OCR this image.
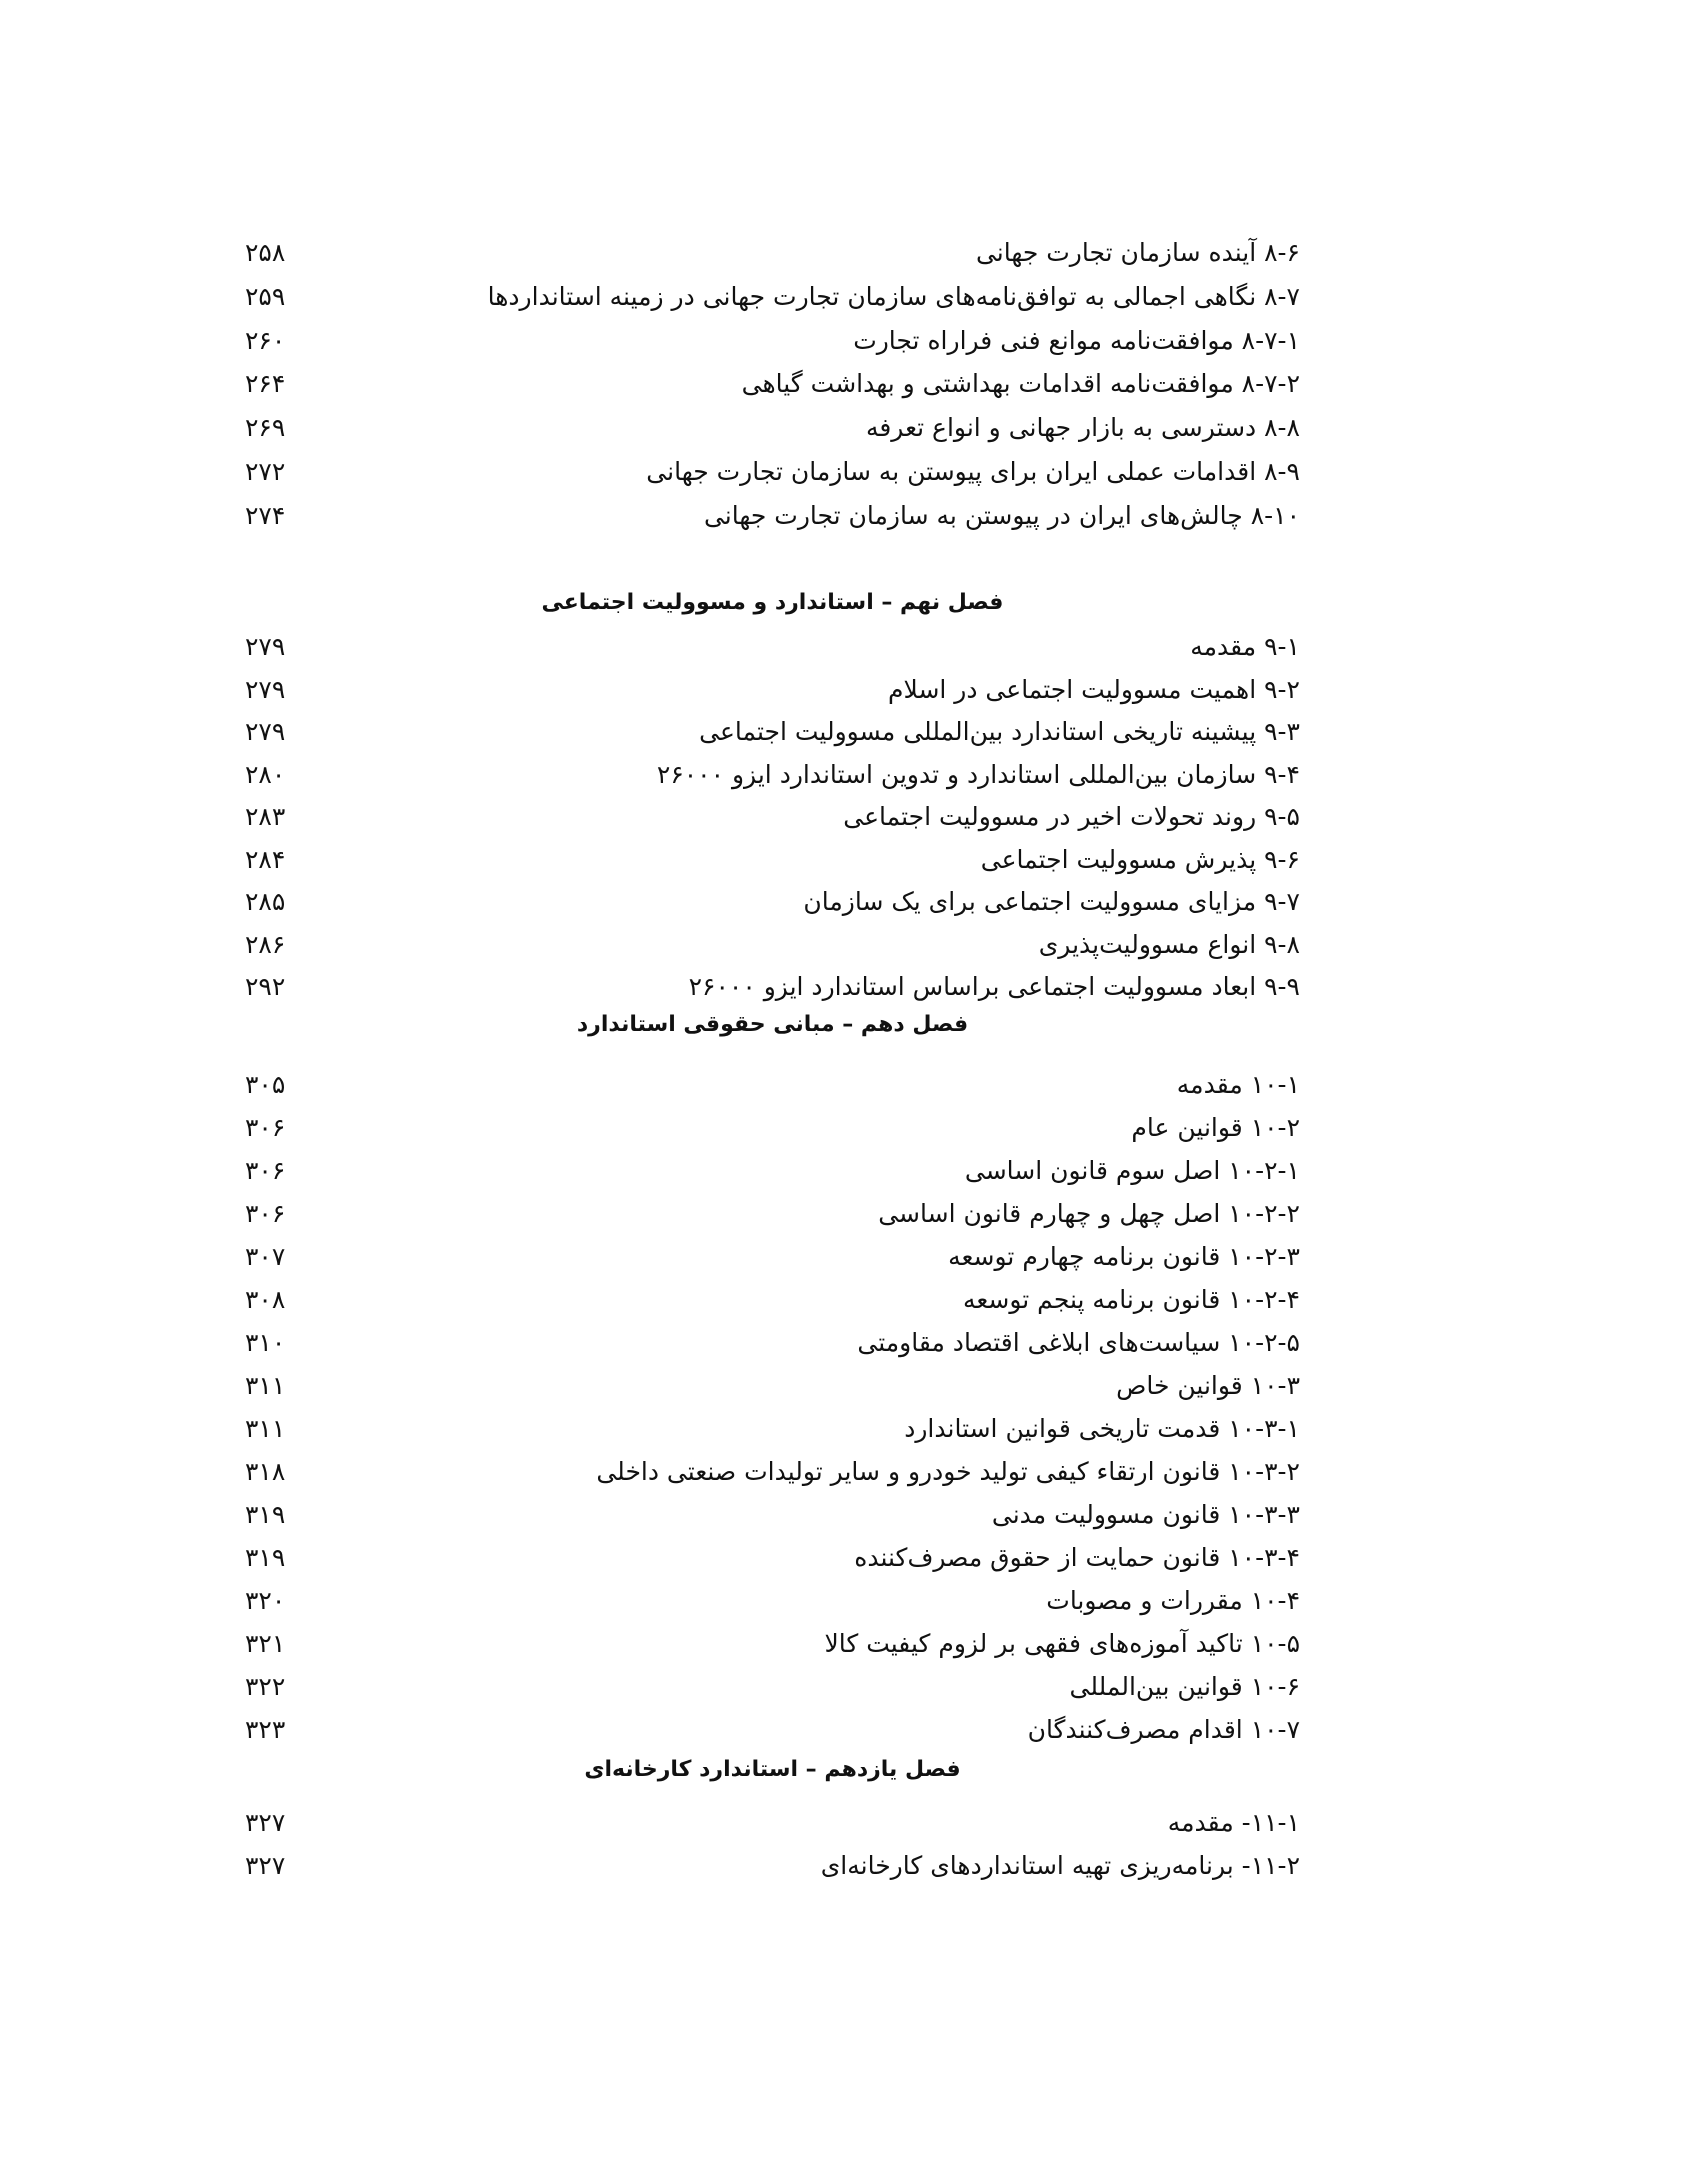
۸-۶ آینده سازمان تجارت جهانی
۲۵۸
۸-۷ نگاهی اجمالی به توافق‌نامه‌های سازمان تجارت جهانی در زمینه استانداردها
۲۵۹
۸-۷-۱ موافقت‌نامه موانع فنی فراراه تجارت
۲۶۰
۸-۷-۲ موافقت‌نامه اقدامات بهداشتی و بهداشت گیاهی
۲۶۴
۸-۸ دسترسی به بازار جهانی و انواع تعرفه
۲۶۹
۸-۹ اقدامات عملی ایران برای پیوستن به سازمان تجارت جهانی
۲۷۲
۸-۱۰ چالش‌های ایران در پیوستن به سازمان تجارت جهانی
۲۷۴
فصل نهم – استاندارد و مسوولیت اجتماعی
۹-۱ مقدمه
۲۷۹
۹-۲ اهمیت مسوولیت اجتماعی در اسلام
۲۷۹
۹-۳ پیشینه تاریخی استاندارد بین‌المللی مسوولیت اجتماعی
۲۷۹
۹-۴ سازمان بین‌المللی استاندارد و تدوین استاندارد ایزو ۲۶۰۰۰
۲۸۰
۹-۵ روند تحولات اخیر در مسوولیت اجتماعی
۲۸۳
۹-۶ پذیرش مسوولیت اجتماعی
۲۸۴
۹-۷ مزایای مسوولیت اجتماعی برای یک سازمان
۲۸۵
۹-۸ انواع مسوولیت‌پذیری
۲۸۶
۹-۹ ابعاد مسوولیت اجتماعی براساس استاندارد ایزو ۲۶۰۰۰
۲۹۲
فصل دهم – مبانی حقوقی استاندارد
۱۰-۱ مقدمه
۳۰۵
۱۰-۲ قوانین عام
۳۰۶
۱۰-۲-۱ اصل سوم قانون اساسی
۳۰۶
۱۰-۲-۲ اصل چهل و چهارم قانون اساسی
۳۰۶
۱۰-۲-۳ قانون برنامه چهارم توسعه
۳۰۷
۱۰-۲-۴ قانون برنامه پنجم توسعه
۳۰۸
۱۰-۲-۵ سیاست‌های ابلاغی اقتصاد مقاومتی
۳۱۰
۱۰-۳ قوانین خاص
۳۱۱
۱۰-۳-۱ قدمت تاریخی قوانین استاندارد
۳۱۱
۱۰-۳-۲ قانون ارتقاء کیفی تولید خودرو و سایر تولیدات صنعتی داخلی
۳۱۸
۱۰-۳-۳ قانون مسوولیت مدنی
۳۱۹
۱۰-۳-۴ قانون حمایت از حقوق مصرف‌کننده
۳۱۹
۱۰-۴ مقررات و مصوبات
۳۲۰
۱۰-۵ تاکید آموزه‌های فقهی بر لزوم کیفیت کالا
۳۲۱
۱۰-۶ قوانین بین‌المللی
۳۲۲
۱۰-۷ اقدام مصرف‌کنندگان
۳۲۳
فصل یازدهم – استاندارد کارخانه‌ای
۱۱-۱- مقدمه
۳۲۷
۱۱-۲- برنامه‌ریزی تهیه استانداردهای کارخانه‌ای
۳۲۷
